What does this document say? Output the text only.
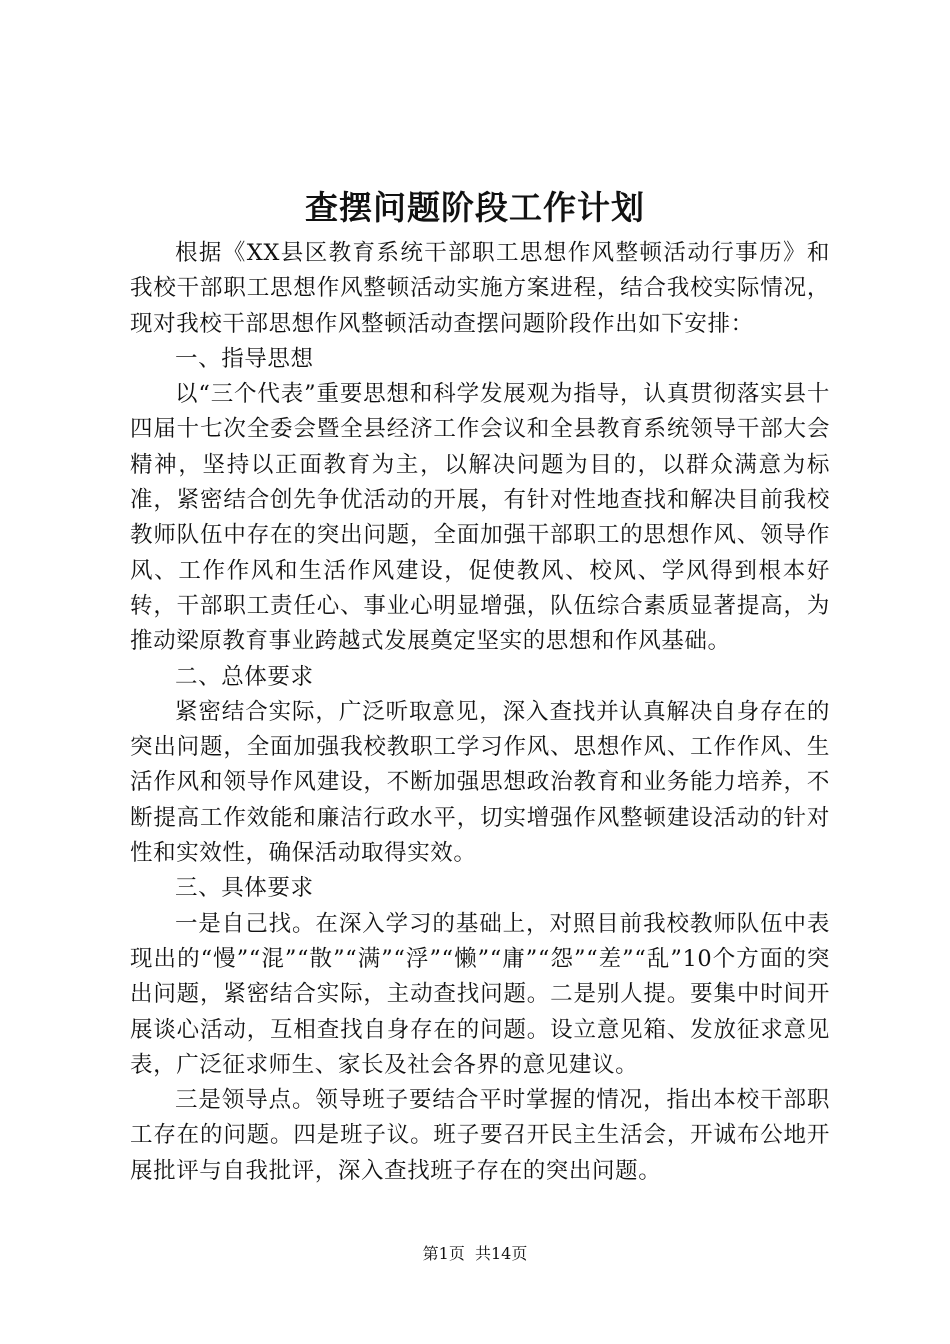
查摆问题阶段工作计划

根据《XX县区教育系统干部职工思想作风整顿活动行事历》和我校干部职工思想作风整顿活动实施方案进程，结合我校实际情况，现对我校干部思想作风整顿活动查摆问题阶段作出如下安排：

一、指导思想

以“三个代表”重要思想和科学发展观为指导，认真贯彻落实县十四届十七次全委会暨全县经济工作会议和全县教育系统领导干部大会精神，坚持以正面教育为主，以解决问题为目的，以群众满意为标准，紧密结合创先争优活动的开展，有针对性地查找和解决目前我校教师队伍中存在的突出问题，全面加强干部职工的思想作风、领导作风、工作作风和生活作风建设，促使教风、校风、学风得到根本好转，干部职工责任心、事业心明显增强，队伍综合素质显著提高，为推动梁原教育事业跨越式发展奠定坚实的思想和作风基础。

二、总体要求

紧密结合实际，广泛听取意见，深入查找并认真解决自身存在的突出问题，全面加强我校教职工学习作风、思想作风、工作作风、生活作风和领导作风建设，不断加强思想政治教育和业务能力培养，不断提高工作效能和廉洁行政水平，切实增强作风整顿建设活动的针对性和实效性，确保活动取得实效。

三、具体要求

一是自己找。在深入学习的基础上，对照目前我校教师队伍中表现出的“慢”“混”“散”“满”“浮”“懒”“庸”“怨”“差”“乱”10个方面的突出问题，紧密结合实际，主动查找问题。二是别人提。要集中时间开展谈心活动，互相查找自身存在的问题。设立意见箱、发放征求意见表，广泛征求师生、家长及社会各界的意见建议。

三是领导点。领导班子要结合平时掌握的情况，指出本校干部职工存在的问题。四是班子议。班子要召开民主生活会，开诚布公地开展批评与自我批评，深入查找班子存在的突出问题。

第1页  共14页
